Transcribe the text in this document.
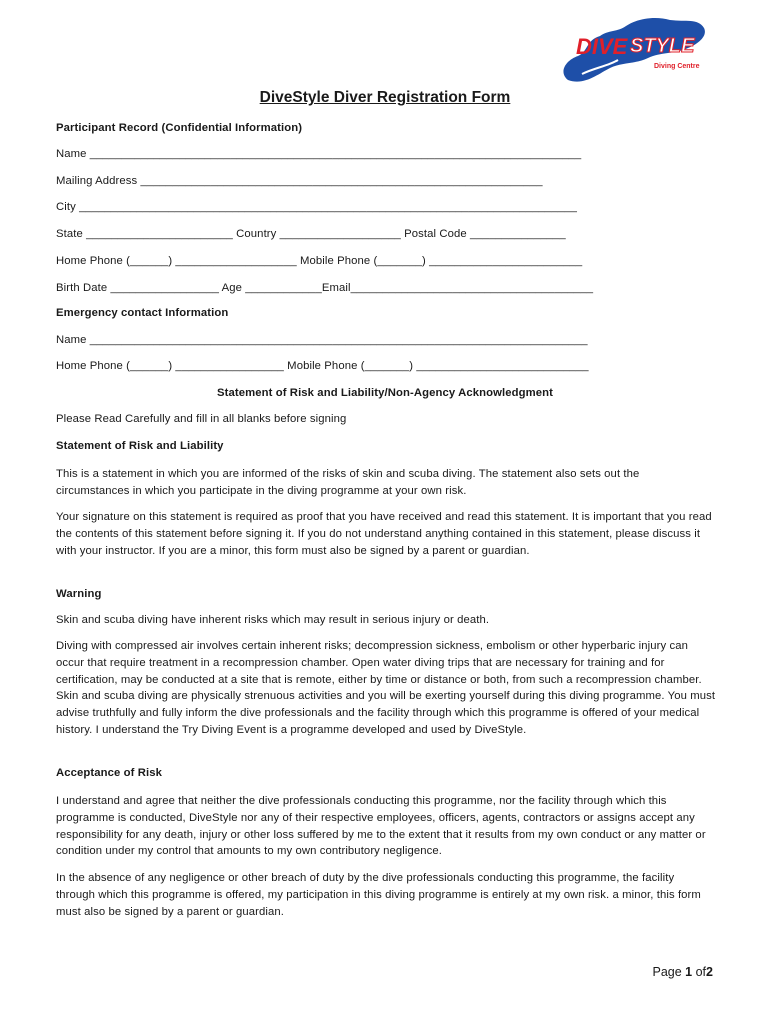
DIVE STYLE
Diving Centre
DiveStyle Diver Registration Form
Participant Record (Confidential Information)
Name _____________________________________________________________________________
Mailing Address _______________________________________________________________
City ______________________________________________________________________________
State _______________________ Country ___________________ Postal Code _______________
Home Phone (______) ___________________ Mobile Phone (_______) ________________________
Birth Date _________________ Age ____________Email______________________________________
Emergency contact Information
Name ______________________________________________________________________________
Home Phone (______) _________________ Mobile Phone (_______) ___________________________
Statement of Risk and Liability/Non-Agency Acknowledgment
Please Read Carefully and fill in all blanks before signing
Statement of Risk and Liability
This is a statement in which you are informed of the risks of skin and scuba diving. The statement also sets out the circumstances in which you participate in the diving programme at your own risk.
Your signature on this statement is required as proof that you have received and read this statement. It is important that you read the contents of this statement before signing it. If you do not understand anything contained in this statement, please discuss it with your instructor. If you are a minor, this form must also be signed by a parent or guardian.
Warning
Skin and scuba diving have inherent risks which may result in serious injury or death.
Diving with compressed air involves certain inherent risks; decompression sickness, embolism or other hyperbaric injury can occur that require treatment in a recompression chamber. Open water diving trips that are necessary for training and for certification, may be conducted at a site that is remote, either by time or distance or both, from such a recompression chamber. Skin and scuba diving are physically strenuous activities and you will be exerting yourself during this diving programme. You must advise truthfully and fully inform the dive professionals and the facility through which this programme is offered of your medical history. I understand the Try Diving Event is a programme developed and used by DiveStyle.
Acceptance of Risk
I understand and agree that neither the dive professionals conducting this programme, nor the facility through which this programme is conducted, DiveStyle nor any of their respective employees, officers, agents, contractors or assigns accept any responsibility for any death, injury or other loss suffered by me to the extent that it results from my own conduct or any matter or condition under my control that amounts to my own contributory negligence.
In the absence of any negligence or other breach of duty by the dive professionals conducting this programme, the facility through which this programme is offered, my participation in this diving programme is entirely at my own risk. a minor, this form must also be signed by a parent or guardian.
Page 1 of2
